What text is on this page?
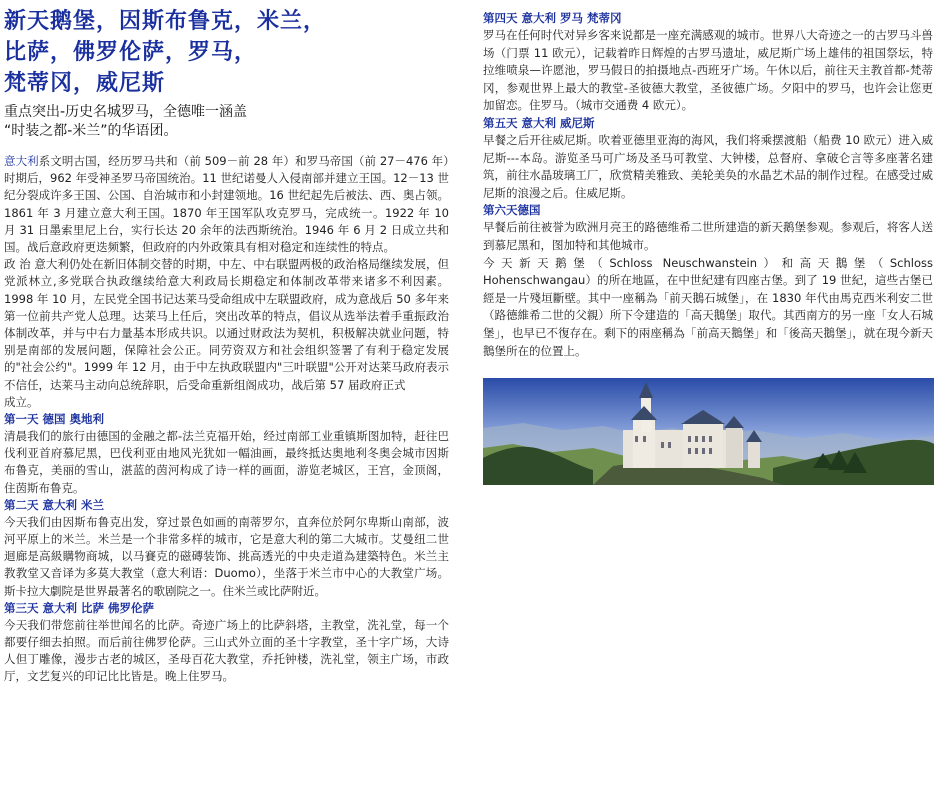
新天鹅堡，因斯布鲁克，米兰，
比萨，佛罗伦萨，罗马，
梵蒂冈，威尼斯
重点突出-历史名城罗马，全德唯一涵盖
“时装之都-米兰”的华语团。

意大利系文明古国，经历罗马共和（前 509－前 28 年）和罗马帝国（前 27－476 年）时期后，962 年受神圣罗马帝国统治。11 世纪诺曼人入侵南部并建立王国。12－13 世纪分裂成许多王国、公国、自治城市和小封建领地。16 世纪起先后被法、西、奥占领。1861 年 3 月建立意大利王国。1870 年王国军队攻克罗马，完成统一。1922 年 10 月 31 日墨索里尼上台，实行长达 20 余年的法西斯统治。1946 年 6 月 2 日成立共和国。战后意政府更迭频繁，但政府的内外政策具有相对稳定和连续性的特点。

政 治 意大利仍处在新旧体制交替的时期，中左、中右联盟两极的政治格局继续发展，但党派林立,多党联合执政继续给意大利政局长期稳定和体制改革带来诸多不利因素。1998 年 10 月，左民党全国书记达莱马受命组成中左联盟政府，成为意战后 50 多年来第一位前共产党人总理。达莱马上任后，突出改革的特点，倡议从选举法着手重振政治体制改革，并与中右力量基本形成共识。以通过财政法为契机，积极解决就业问题，特别是南部的发展问题，保障社会公正。同劳资双方和社会组织签署了有利于稳定发展的"社会公约"。1999 年 12 月，由于中左执政联盟内"三叶联盟"公开对达莱马政府表示不信任，达莱马主动向总统辞职，后受命重新组阁成功，战后第 57 届政府正式

成立。

第一天 德国 奥地利

清晨我们的旅行由德国的金融之都-法兰克福开始，经过南部工业重镇斯图加特，赶往巴伐利亚首府慕尼黑，巴伐利亚由地风光犹如一幅油画，最终抵达奥地利冬奥会城市因斯布鲁克，美丽的雪山，湛蓝的茵河构成了诗一样的画面，游览老城区，王宫，金顶阁，住茵斯布鲁克。

第二天 意大利 米兰

今天我们由因斯布鲁克出发，穿过景色如画的南蒂罗尔，直奔位於阿尔卑斯山南部，波河平原上的米兰。米兰是一个非常多样的城市，它是意大利的第二大城市。艾曼纽二世迴廊是高級購物商城，以马賽克的磁磚装饰、挑高透光的中央走道為建築特色。米兰主教教堂又音译为多莫大教堂（意大利语：Duomo），坐落于米兰市中心的大教堂广场。斯卡拉大劇院是世界最著名的歌剧院之一。住米兰或比萨附近。

第三天 意大利 比萨 佛罗伦萨

今天我们带您前往举世闻名的比萨。奇迹广场上的比萨斜塔，主教堂，洗礼堂，每一个都要仔细去拍照。而后前往佛罗伦萨。三山式外立面的圣十字教堂，圣十字广场，大诗人但丁雕像，漫步古老的城区，圣母百花大教堂，乔托钟楼，洗礼堂，领主广场，市政厅，文艺复兴的印记比比皆是。晚上住罗马。

第四天 意大利 罗马 梵蒂冈

罗马在任何时代对异乡客来说都是一座充满感观的城市。世界八大奇迹之一的古罗马斗兽场（门票 11 欧元），记载着昨日辉煌的古罗马遗址，威尼斯广场上雄伟的祖国祭坛，特拉维喷泉—许愿池，罗马假日的拍摄地点-西班牙广场。午休以后，前往天主教首都-梵蒂冈，参观世界上最大的教堂-圣彼德大教堂，圣彼德广场。夕阳中的罗马，也许会让您更加留恋。住罗马。（城市交通费 4 欧元）。

第五天 意大利 威尼斯

早餐之后开往威尼斯。吹着亚德里亚海的海风，我们将乘摆渡船（船费 10 欧元）进入威尼斯---本岛。游览圣马可广场及圣马可教堂、大钟楼，总督府、拿破仑言等多座著名建筑，前往水晶玻璃工厂，欣赏精美雅致、美轮美奂的水晶艺术品的制作过程。在感受过威尼斯的浪漫之后。住威尼斯。

第六天德国

早餐后前往被誉为欧洲月亮王的路德维希二世所建造的新天鹅堡参观。参观后，将客人送到慕尼黑和，图加特和其他城市。

今天新天鹅堡（Schloss Neuschwanstein）和高天鵝堡（Schloss Hohenschwangau）的所在地區，在中世紀建有四座古堡。到了 19 世紀，這些古堡已經是一片殘垣斷壁。其中一座稱為「前天鵝石城堡」，在 1830 年代由馬克西米利安二世（路德維希二世的父親）所下令建造的「高天鵝堡」取代。其西南方的另一座「女人石城堡」，也早已不復存在。剩下的兩座稱為「前高天鵝堡」和「後高天鵝堡」，就在現今新天鵝堡所在的位置上。
